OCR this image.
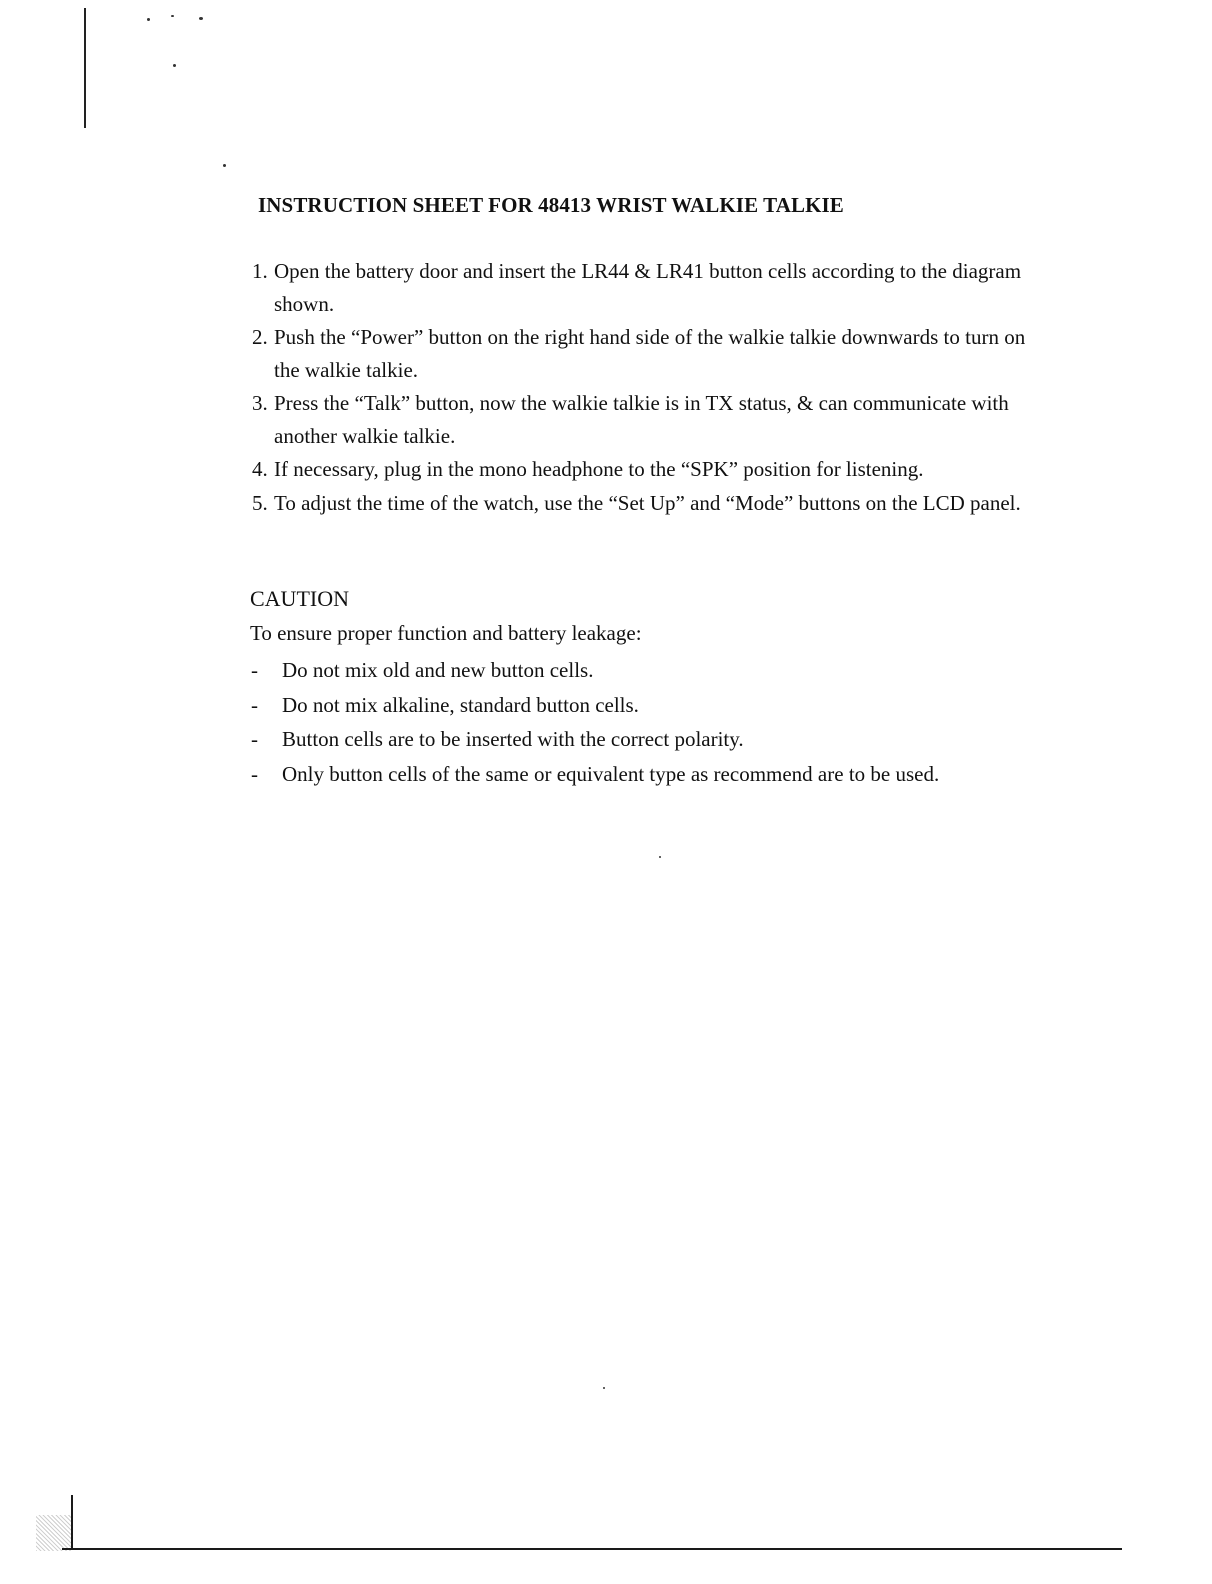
INSTRUCTION SHEET FOR 48413 WRIST WALKIE TALKIE
1. Open the battery door and insert the LR44 & LR41 button cells according to the diagram shown.
2. Push the “Power” button on the right hand side of the walkie talkie downwards to turn on the walkie talkie.
3. Press the “Talk” button, now the walkie talkie is in TX status, & can communicate with another walkie talkie.
4. If necessary, plug in the mono headphone to the “SPK” position for listening.
5. To adjust the time of the watch, use the “Set Up” and “Mode” buttons on the LCD panel.
CAUTION

To ensure proper function and battery leakage:

- Do not mix old and new button cells.
- Do not mix alkaline, standard button cells.
- Button cells are to be inserted with the correct polarity.
- Only button cells of the same or equivalent type as recommend are to be used.
